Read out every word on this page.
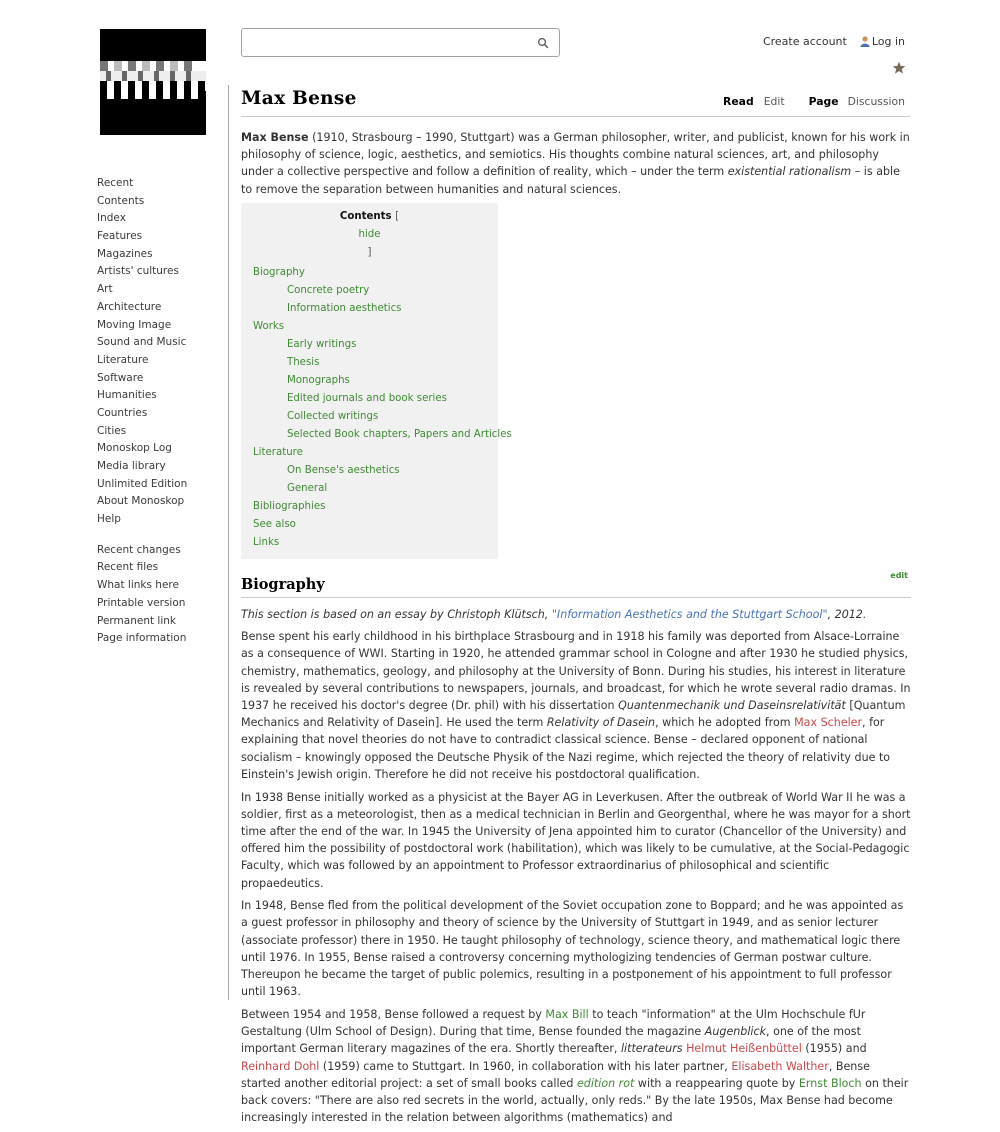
Recent
Contents
Index
Features
Magazines
Artists' cultures
Art
Architecture
Moving Image
Sound and Music
Literature
Software
Humanities
Countries
Cities
Monoskop Log
Media library
Unlimited Edition
About Monoskop
Help
Recent changes
Recent files
What links here
Printable version
Permanent link
Page information
Create account Log in
Max Bense	Read Edit Page Discussion

Max Bense (1910, Strasbourg – 1990, Stuttgart) was a German philosopher, writer, and publicist, known for his work in philosophy of science, logic, aesthetics, and semiotics. His thoughts combine natural sciences, art, and philosophy under a collective perspective and follow a definition of reality, which – under the term existential rationalism – is able to remove the separation between humanities and natural sciences.

Contents [
hide
]
Biography
Concrete poetry
Information aesthetics
Works
Early writings
Thesis
Monographs
Edited journals and book series
Collected writings
Selected Book chapters, Papers and Articles
Literature
On Bense's aesthetics
General
Bibliographies
See also
Links
Biography
edit

This section is based on an essay by Christoph Klütsch, "Information Aesthetics and the Stuttgart School", 2012.

Bense spent his early childhood in his birthplace Strasbourg and in 1918 his family was deported from Alsace-Lorraine as a consequence of WWI. Starting in 1920, he attended grammar school in Cologne and after 1930 he studied physics, chemistry, mathematics, geology, and philosophy at the University of Bonn. During his studies, his interest in literature is revealed by several contributions to newspapers, journals, and broadcast, for which he wrote several radio dramas. In 1937 he received his doctor's degree (Dr. phil) with his dissertation Quantenmechanik und Daseinsrelativität [Quantum Mechanics and Relativity of Dasein]. He used the term Relativity of Dasein, which he adopted from Max Scheler, for explaining that novel theories do not have to contradict classical science. Bense – declared opponent of national socialism – knowingly opposed the Deutsche Physik of the Nazi regime, which rejected the theory of relativity due to Einstein's Jewish origin. Therefore he did not receive his postdoctoral qualification.

In 1938 Bense initially worked as a physicist at the Bayer AG in Leverkusen. After the outbreak of World War II he was a soldier, first as a meteorologist, then as a medical technician in Berlin and Georgenthal, where he was mayor for a short time after the end of the war. In 1945 the University of Jena appointed him to curator (Chancellor of the University) and offered him the possibility of postdoctoral work (habilitation), which was likely to be cumulative, at the Social-Pedagogic Faculty, which was followed by an appointment to Professor extraordinarius of philosophical and scientific propaedeutics.

In 1948, Bense fled from the political development of the Soviet occupation zone to Boppard; and he was appointed as a guest professor in philosophy and theory of science by the University of Stuttgart in 1949, and as senior lecturer (associate professor) there in 1950. He taught philosophy of technology, science theory, and mathematical logic there until 1976. In 1955, Bense raised a controversy concerning mythologizing tendencies of German postwar culture. Thereupon he became the target of public polemics, resulting in a postponement of his appointment to full professor until 1963.

Between 1954 and 1958, Bense followed a request by Max Bill to teach "information" at the Ulm Hochschule fUr Gestaltung (Ulm School of Design). During that time, Bense founded the magazine Augenblick, one of the most important German literary magazines of the era. Shortly thereafter, litterateurs Helmut Heißenbüttel (1955) and Reinhard Dohl (1959) came to Stuttgart. In 1960, in collaboration with his later partner, Elisabeth Walther, Bense started another editorial project: a set of small books called edition rot with a reappearing quote by Ernst Bloch on their back covers: "There are also red secrets in the world, actually, only reds." By the late 1950s, Max Bense had become increasingly interested in the relation between algorithms (mathematics) and
